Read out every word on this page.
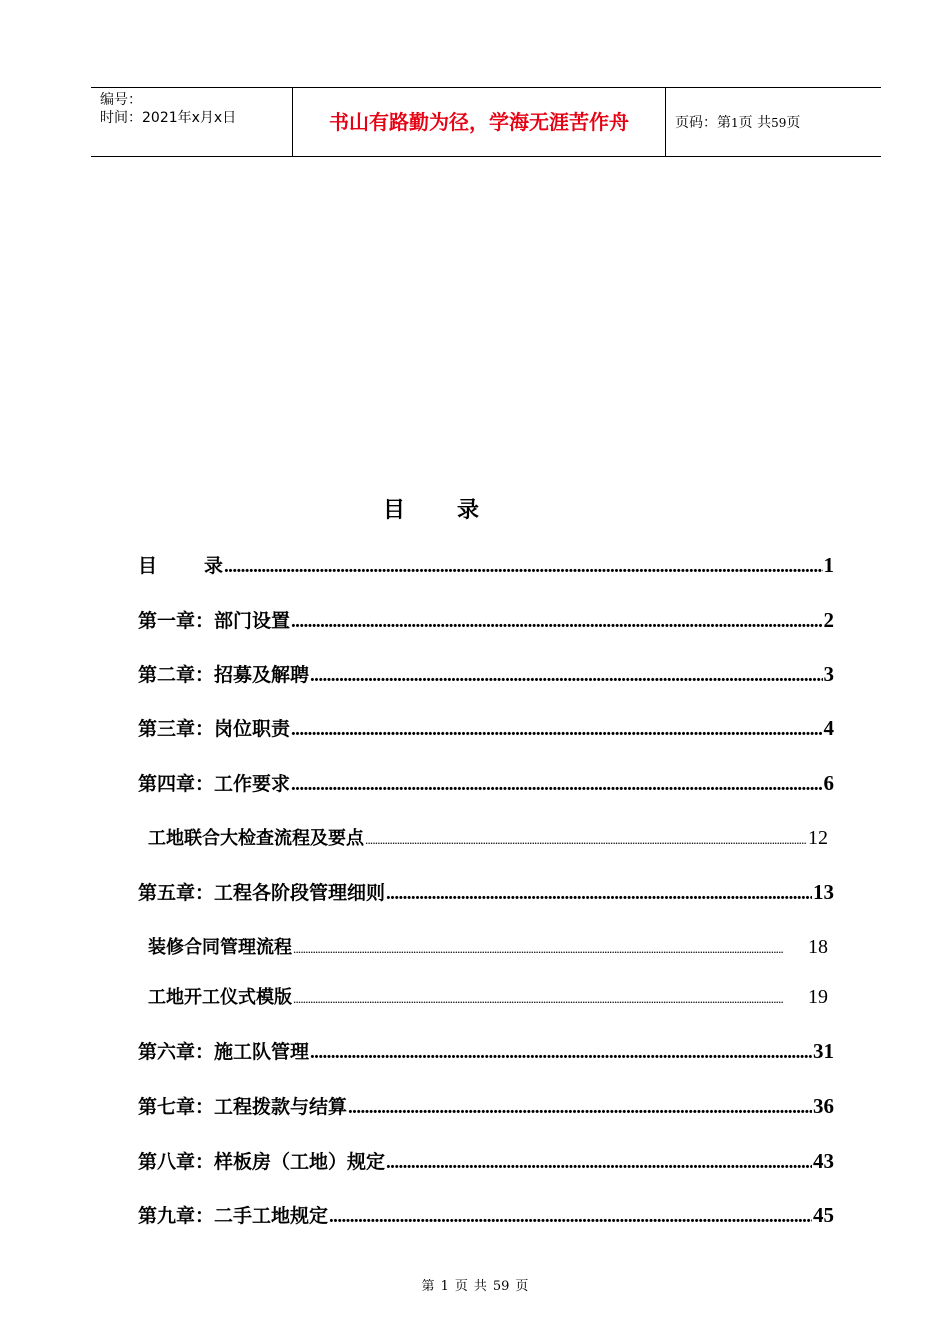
编号：
时间：2021年x月x日	书山有路勤为径，学海无涯苦作舟	页码：第1页 共59页
目录
目 录 .....	1
第一章：部门设置 .....	2
第二章：招募及解聘 .....	3
第三章：岗位职责 .....	4
第四章：工作要求 .....	6
工地联合大检查流程及要点 .....	12
第五章：工程各阶段管理细则 .....	13
装修合同管理流程 .....	18
工地开工仪式模版 .....	19
第六章：施工队管理 .....	31
第七章：工程拨款与结算 .....	36
第八章：样板房（工地）规定 .....	43
第九章：二手工地规定 .....	45
第 1 页 共 59 页
